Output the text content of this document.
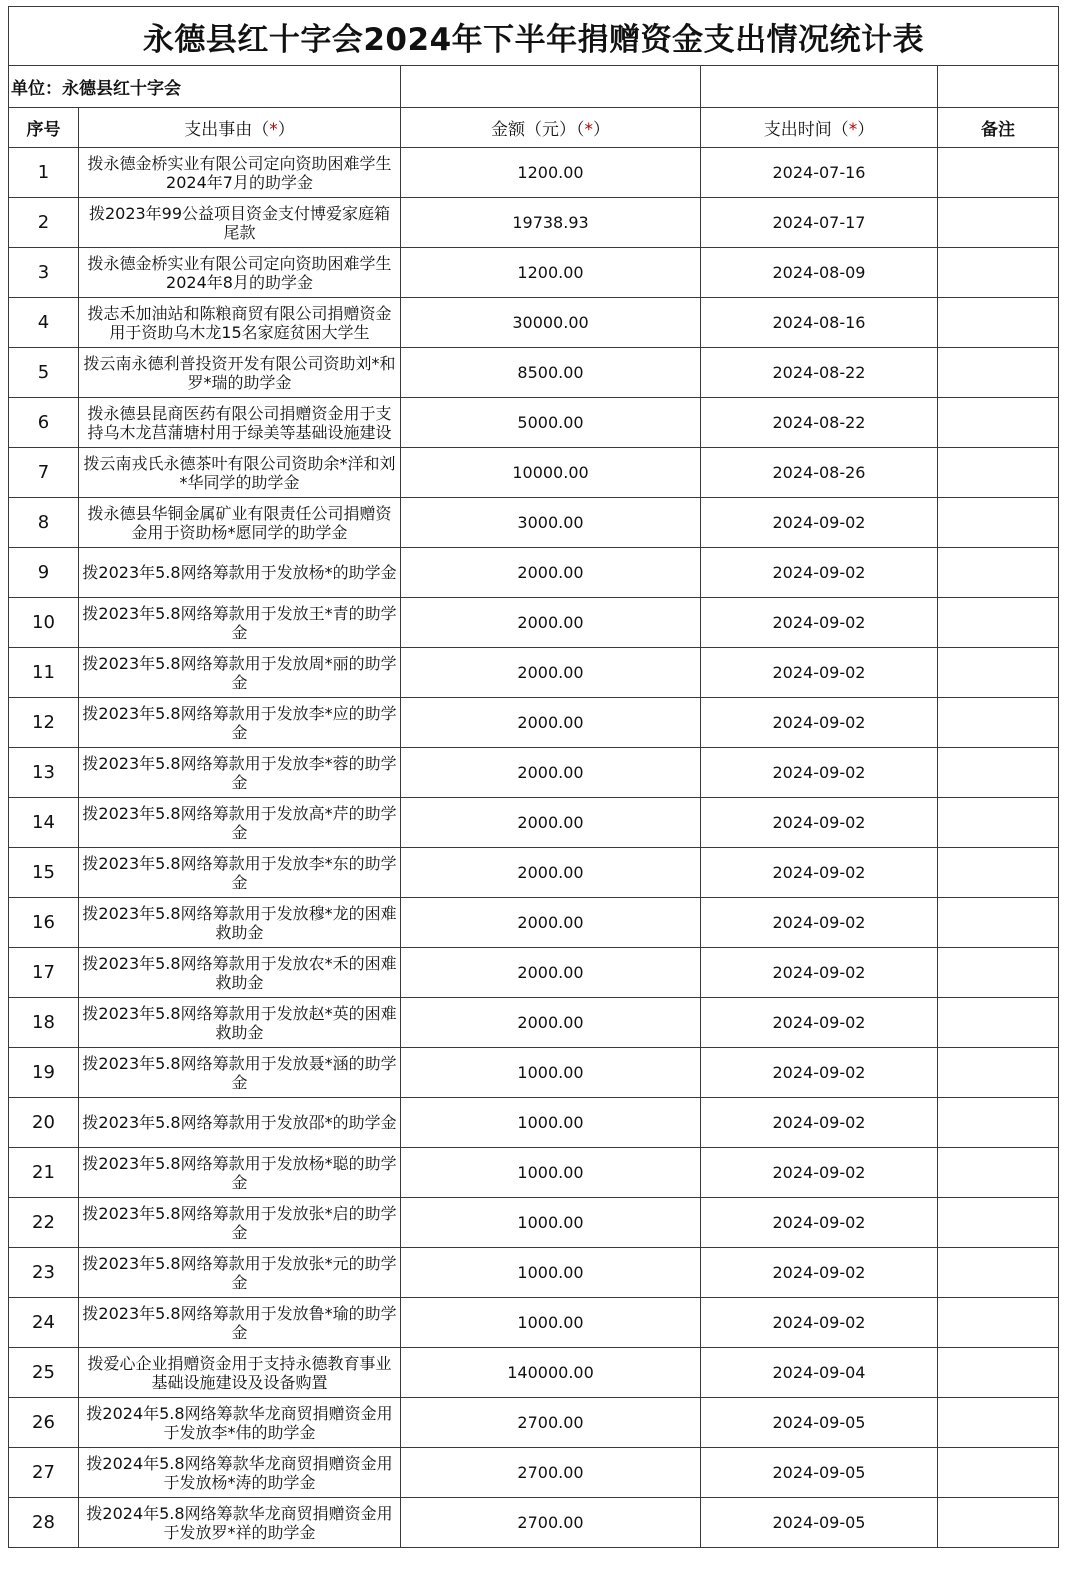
永德县红十字会2024年下半年捐赠资金支出情况统计表				
单位：永德县红十字会				
序号	支出事由（*）	金额（元）（*）	支出时间（*）	备注
1	拨永德金桥实业有限公司定向资助困难学生2024年7月的助学金	1200.00	2024-07-16	
2	拨2023年99公益项目资金支付博爱家庭箱尾款	19738.93	2024-07-17	
3	拨永德金桥实业有限公司定向资助困难学生2024年8月的助学金	1200.00	2024-08-09	
4	拨志禾加油站和陈粮商贸有限公司捐赠资金用于资助乌木龙15名家庭贫困大学生	30000.00	2024-08-16	
5	拨云南永德利普投资开发有限公司资助刘*和罗*瑞的助学金	8500.00	2024-08-22	
6	拨永德县昆商医药有限公司捐赠资金用于支持乌木龙莒蒲塘村用于绿美等基础设施建设	5000.00	2024-08-22	
7	拨云南戎氏永德茶叶有限公司资助余*洋和刘*华同学的助学金	10000.00	2024-08-26	
8	拨永德县华铜金属矿业有限责任公司捐赠资金用于资助杨*愿同学的助学金	3000.00	2024-09-02	
9	拨2023年5.8网络筹款用于发放杨*的助学金	2000.00	2024-09-02	
10	拨2023年5.8网络筹款用于发放王*青的助学金	2000.00	2024-09-02	
11	拨2023年5.8网络筹款用于发放周*丽的助学金	2000.00	2024-09-02	
12	拨2023年5.8网络筹款用于发放李*应的助学金	2000.00	2024-09-02	
13	拨2023年5.8网络筹款用于发放李*蓉的助学金	2000.00	2024-09-02	
14	拨2023年5.8网络筹款用于发放高*芹的助学金	2000.00	2024-09-02	
15	拨2023年5.8网络筹款用于发放李*东的助学金	2000.00	2024-09-02	
16	拨2023年5.8网络筹款用于发放穆*龙的困难救助金	2000.00	2024-09-02	
17	拨2023年5.8网络筹款用于发放农*禾的困难救助金	2000.00	2024-09-02	
18	拨2023年5.8网络筹款用于发放赵*英的困难救助金	2000.00	2024-09-02	
19	拨2023年5.8网络筹款用于发放聂*涵的助学金	1000.00	2024-09-02	
20	拨2023年5.8网络筹款用于发放邵*的助学金	1000.00	2024-09-02	
21	拨2023年5.8网络筹款用于发放杨*聪的助学金	1000.00	2024-09-02	
22	拨2023年5.8网络筹款用于发放张*启的助学金	1000.00	2024-09-02	
23	拨2023年5.8网络筹款用于发放张*元的助学金	1000.00	2024-09-02	
24	拨2023年5.8网络筹款用于发放鲁*瑜的助学金	1000.00	2024-09-02	
25	拨爱心企业捐赠资金用于支持永德教育事业基础设施建设及设备购置	140000.00	2024-09-04	
26	拨2024年5.8网络筹款华龙商贸捐赠资金用于发放李*伟的助学金	2700.00	2024-09-05	
27	拨2024年5.8网络筹款华龙商贸捐赠资金用于发放杨*涛的助学金	2700.00	2024-09-05	
28	拨2024年5.8网络筹款华龙商贸捐赠资金用于发放罗*祥的助学金	2700.00	2024-09-05	
